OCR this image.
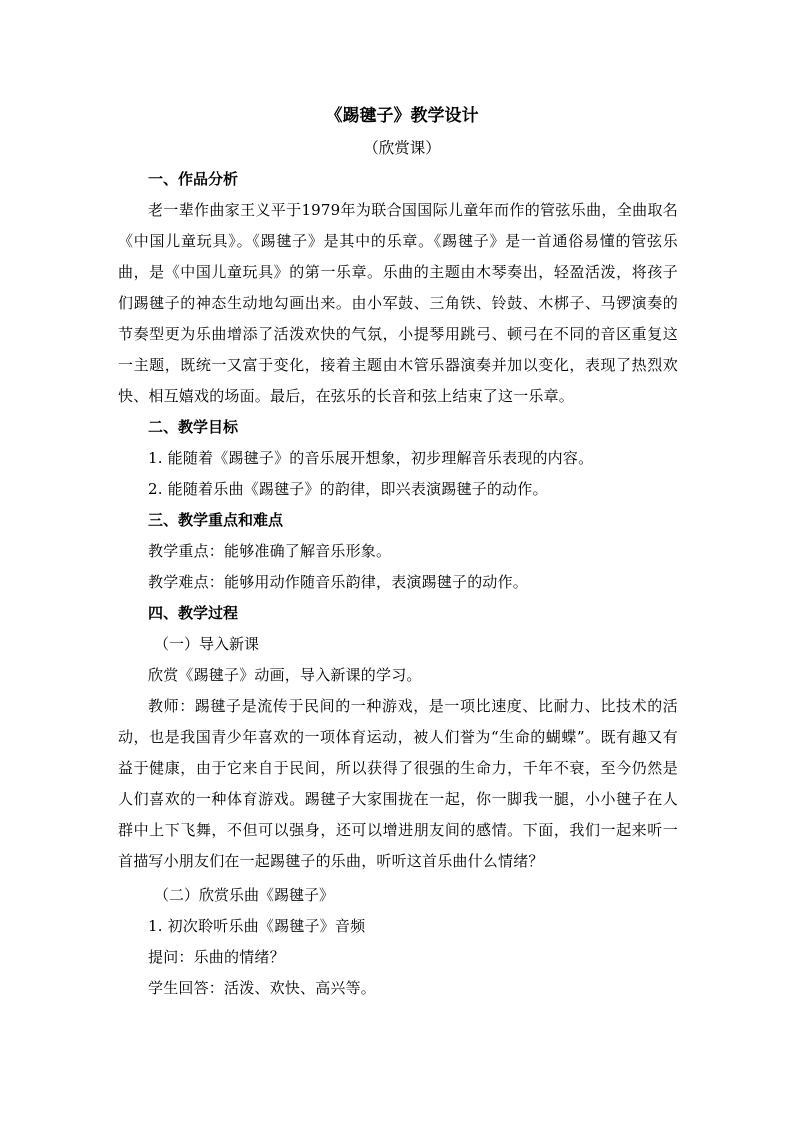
《踢毽子》教学设计

（欣赏课）

一、作品分析

老一辈作曲家王义平于1979年为联合国国际儿童年而作的管弦乐曲，全曲取名《中国儿童玩具》。《踢毽子》是其中的乐章。《踢毽子》是一首通俗易懂的管弦乐曲，是《中国儿童玩具》的第一乐章。乐曲的主题由木琴奏出，轻盈活泼，将孩子们踢毽子的神态生动地勾画出来。由小军鼓、三角铁、铃鼓、木梆子、马锣演奏的节奏型更为乐曲增添了活泼欢快的气氛，小提琴用跳弓、顿弓在不同的音区重复这一主题，既统一又富于变化，接着主题由木管乐器演奏并加以变化，表现了热烈欢快、相互嬉戏的场面。最后，在弦乐的长音和弦上结束了这一乐章。

二、教学目标

1. 能随着《踢毽子》的音乐展开想象，初步理解音乐表现的内容。

2. 能随着乐曲《踢毽子》的韵律，即兴表演踢毽子的动作。

三、教学重点和难点

教学重点：能够准确了解音乐形象。

教学难点：能够用动作随音乐韵律，表演踢毽子的动作。

四、教学过程

（一）导入新课

欣赏《踢毽子》动画，导入新课的学习。

教师：踢毽子是流传于民间的一种游戏，是一项比速度、比耐力、比技术的活动，也是我国青少年喜欢的一项体育运动，被人们誉为“生命的蝴蝶”。既有趣又有益于健康，由于它来自于民间，所以获得了很强的生命力，千年不衰，至今仍然是人们喜欢的一种体育游戏。踢毽子大家围拢在一起，你一脚我一腿，小小毽子在人群中上下飞舞，不但可以强身，还可以增进朋友间的感情。下面，我们一起来听一首描写小朋友们在一起踢毽子的乐曲，听听这首乐曲什么情绪？

（二）欣赏乐曲《踢毽子》

1. 初次聆听乐曲《踢毽子》音频

提问：乐曲的情绪？

学生回答：活泼、欢快、高兴等。
